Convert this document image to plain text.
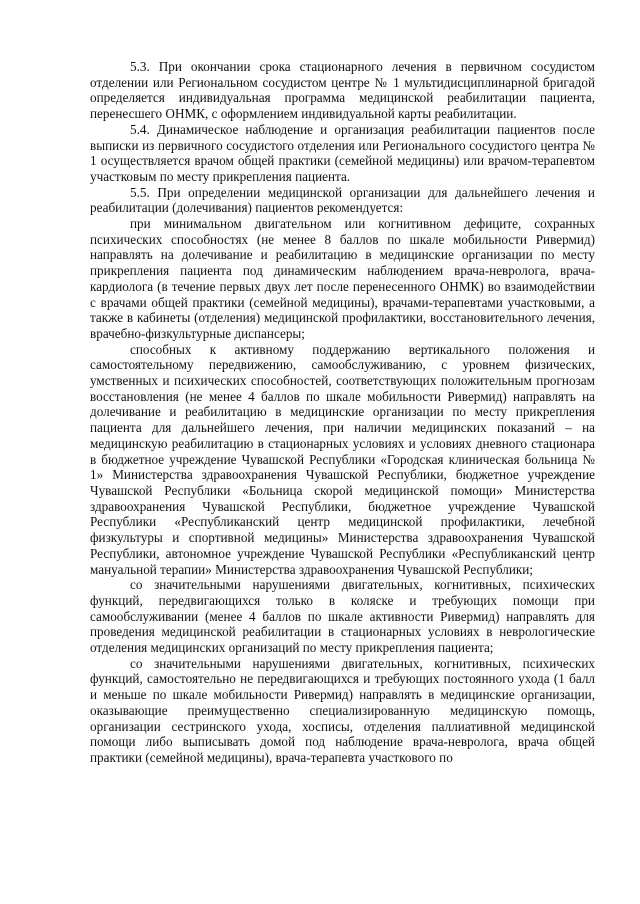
5.3. При окончании срока стационарного лечения в первичном сосудистом отделении или Региональном сосудистом центре № 1 мультидисциплинарной бригадой определяется индивидуальная программа медицинской реабилитации пациента, перенесшего ОНМК, с оформлением индивидуальной карты реабилитации.

5.4. Динамическое наблюдение и организация реабилитации пациентов после выписки из первичного сосудистого отделения или Регионального сосудистого центра № 1 осуществляется врачом общей практики (семейной медицины) или врачом-терапевтом участковым по месту прикрепления пациента.

5.5. При определении медицинской организации для дальнейшего лечения и реабилитации (долечивания) пациентов рекомендуется:

при минимальном двигательном или когнитивном дефиците, сохранных психических способностях (не менее 8 баллов по шкале мобильности Ривермид) направлять на долечивание и реабилитацию в медицинские организации по месту прикрепления пациента под динамическим наблюдением врача-невролога, врача-кардиолога (в течение первых двух лет после перенесенного ОНМК) во взаимодействии с врачами общей практики (семейной медицины), врачами-терапевтами участковыми, а также в кабинеты (отделения) медицинской профилактики, восстановительного лечения, врачебно-физкультурные диспансеры;

способных к активному поддержанию вертикального положения и самостоятельному передвижению, самообслуживанию, с уровнем физических, умственных и психических способностей, соответствующих положительным прогнозам восстановления (не менее 4 баллов по шкале мобильности Ривермид) направлять на долечивание и реабилитацию в медицинские организации по месту прикрепления пациента для дальнейшего лечения, при наличии медицинских показаний – на медицинскую реабилитацию в стационарных условиях и условиях дневного стационара в бюджетное учреждение Чувашской Республики «Городская клиническая больница № 1» Министерства здравоохранения Чувашской Республики, бюджетное учреждение Чувашской Республики «Больница скорой медицинской помощи» Министерства здравоохранения Чувашской Республики, бюджетное учреждение Чувашской Республики «Республиканский центр медицинской профилактики, лечебной физкультуры и спортивной медицины» Министерства здравоохранения Чувашской Республики, автономное учреждение Чувашской Республики «Республиканский центр мануальной терапии» Министерства здравоохранения Чувашской Республики;

со значительными нарушениями двигательных, когнитивных, психических функций, передвигающихся только в коляске и требующих помощи при самообслуживании (менее 4 баллов по шкале активности Ривермид) направлять для проведения медицинской реабилитации в стационарных условиях в неврологические отделения медицинских организаций по месту прикрепления пациента;

со значительными нарушениями двигательных, когнитивных, психических функций, самостоятельно не передвигающихся и требующих постоянного ухода (1 балл и меньше по шкале мобильности Ривермид) направлять в медицинские организации, оказывающие преимущественно специализированную медицинскую помощь, организации сестринского ухода, хосписы, отделения паллиативной медицинской помощи либо выписывать домой под наблюдение врача-невролога, врача общей практики (семейной медицины), врача-терапевта участкового по
